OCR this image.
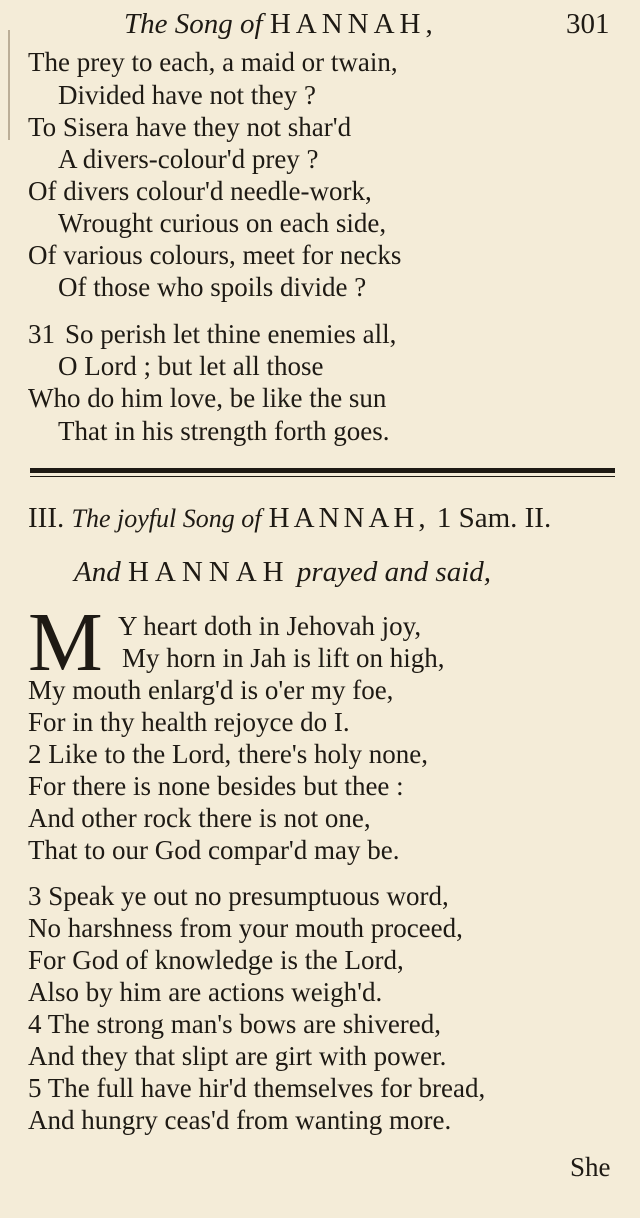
The Song of HANNAH,	301
The prey to each, a maid or twain,
Divided have not they ?
To Sisera have they not shar'd
A divers-colour'd prey ?
Of divers colour'd needle-work,
Wrought curious on each side,
Of various colours, meet for necks
Of those who spoils divide ?
31 So perish let thine enemies all,
O Lord ; but let all those
Who do him love, be like the sun
That in his strength forth goes.
III. The joyful Song of HANNAH, 1 Sam. II.
And HANNAH prayed and said,
M Y heart doth in Jehovah joy,
My horn in Jah is lift on high,
My mouth enlarg'd is o'er my foe,
For in thy health rejoyce do I.
2 Like to the Lord, there's holy none,
For there is none besides but thee :
And other rock there is not one,
That to our God compar'd may be.
3 Speak ye out no presumptuous word,
No harshness from your mouth proceed,
For God of knowledge is the Lord,
Also by him are actions weigh'd.
4 The strong man's bows are shivered,
And they that slipt are girt with power.
5 The full have hir'd themselves for bread,
And hungry ceas'd from wanting more.
She
